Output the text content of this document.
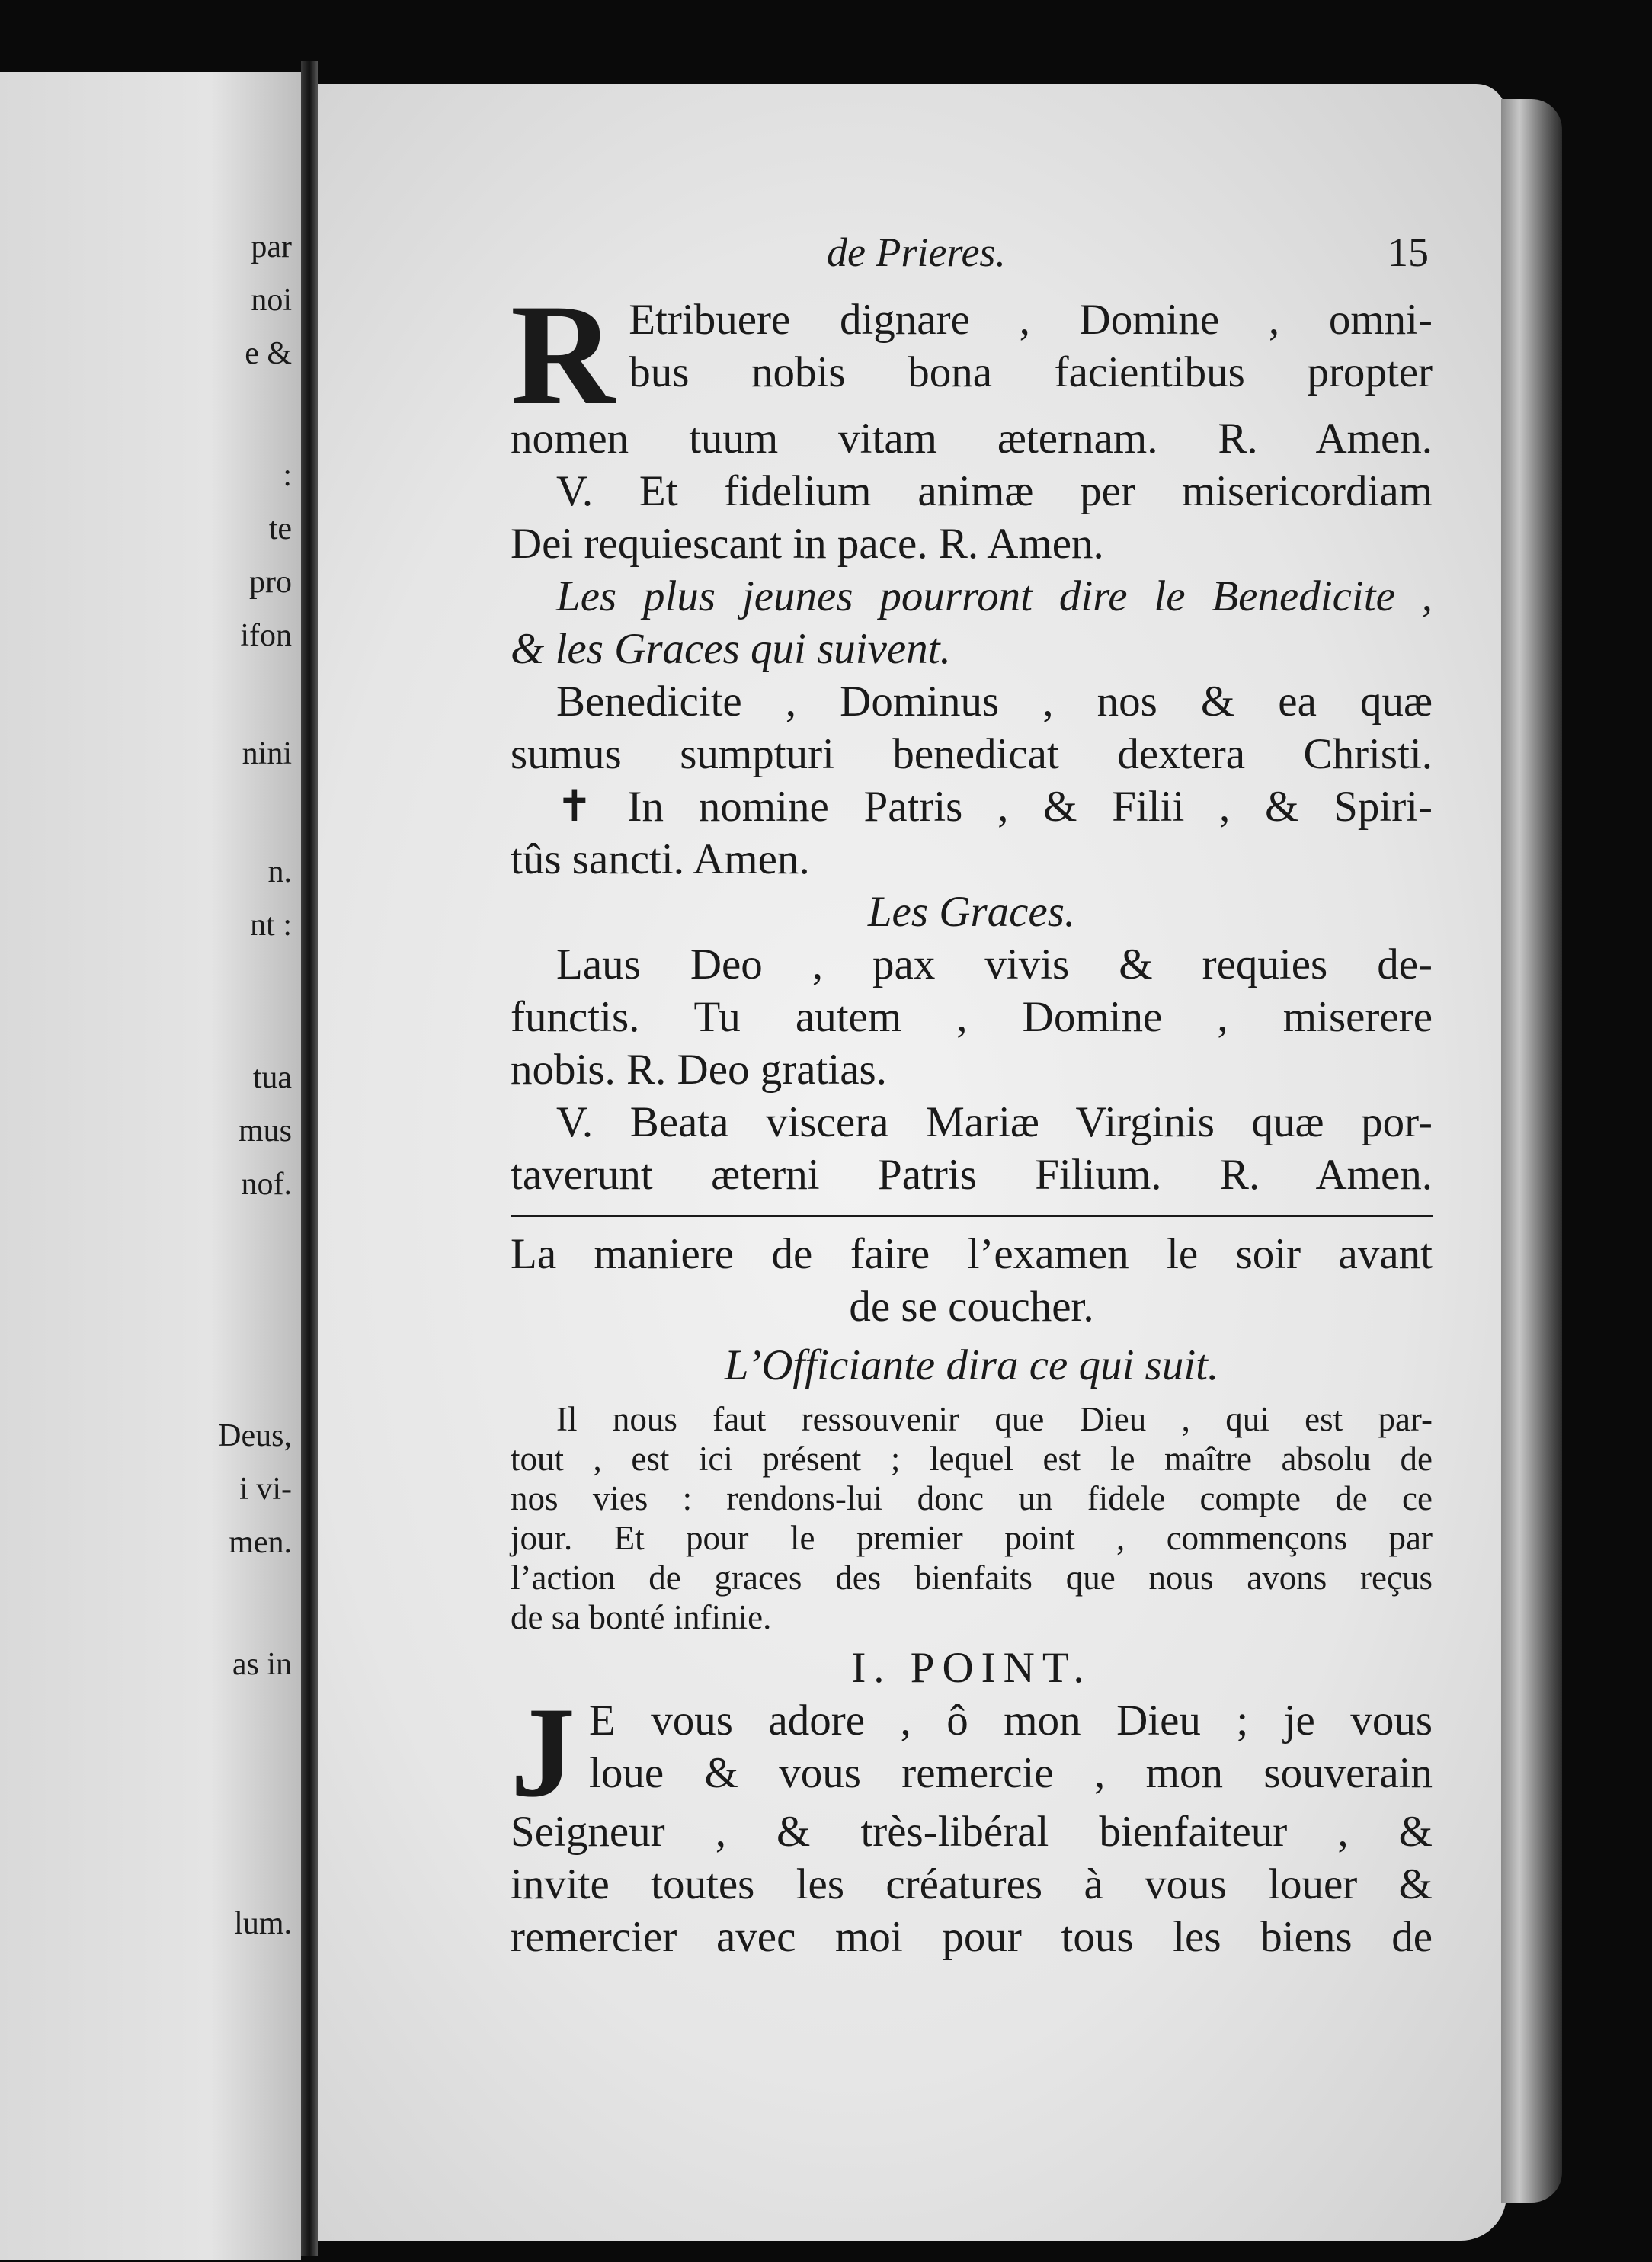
par
noi
e &
:
te
pro
ifon
nini
n.
nt :
tua
mus
nof.
Deus,
i vi-
men.
as in
lum.
de Prieres.	15
R Etribuere dignare , Domine , omni-
bus nobis bona facientibus propter
nomen tuum vitam æternam. R. Amen.
V. Et fidelium animæ per misericordiam
Dei requiescant in pace. R. Amen.
Les plus jeunes pourront dire le Benedicite ,
& les Graces qui suivent.
Benedicite , Dominus , nos & ea quæ
sumus sumpturi benedicat dextera Christi.
✝ In nomine Patris , & Filii , & Spiri-
tûs sancti. Amen.
Les Graces.
Laus Deo , pax vivis & requies de-
functis. Tu autem , Domine , miserere
nobis. R. Deo gratias.
V. Beata viscera Mariæ Virginis quæ por-
taverunt æterni Patris Filium. R. Amen.
La maniere de faire l’examen le soir avant
de se coucher.
L’Officiante dira ce qui suit.
Il nous faut ressouvenir que Dieu , qui est par-
tout , est ici présent ; lequel est le maître absolu de
nos vies : rendons-lui donc un fidele compte de ce
jour. Et pour le premier point , commençons par
l’action de graces des bienfaits que nous avons reçus
de sa bonté infinie.
I. POINT.
J E vous adore , ô mon Dieu ; je vous
loue & vous remercie , mon souverain
Seigneur , & très-libéral bienfaiteur , &
invite toutes les créatures à vous louer &
remercier avec moi pour tous les biens de
